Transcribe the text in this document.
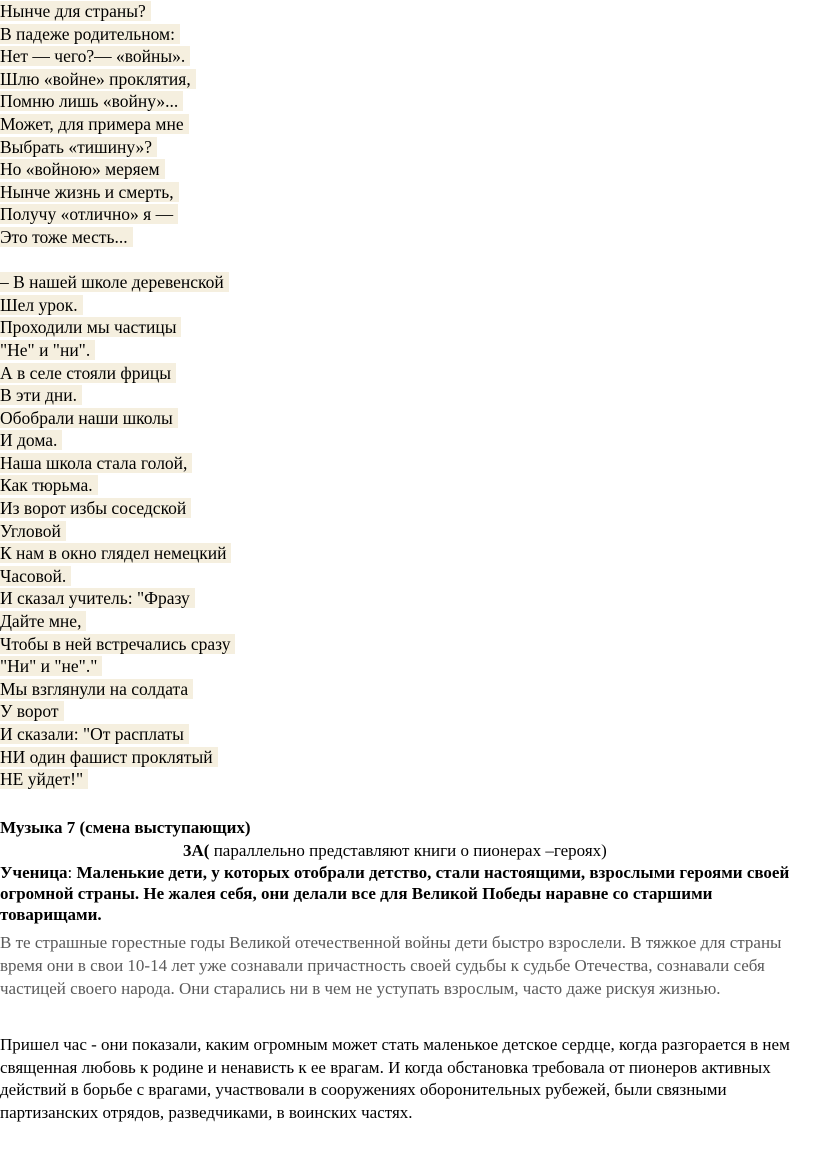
Нынче для страны?
В падеже родительном:
Нет — чего?— «войны».
Шлю «войне» проклятия,
Помню лишь «войну»...
Может, для примера мне
Выбрать «тишину»?
Но «войною» меряем
Нынче жизнь и смерть,
Получу «отлично» я —
Это тоже месть...
– В нашей школе деревенской
Шел урок.
Проходили мы частицы
"Не" и "ни".
А в селе стояли фрицы
В эти дни.
Обобрали наши школы
И дома.
Наша школа стала голой,
Как тюрьма.
Из ворот избы соседской
Угловой
К нам в окно глядел немецкий
Часовой.
И сказал учитель: "Фразу
Дайте мне,
Чтобы в ней встречались сразу
"Ни" и "не"."
Мы взглянули на солдата
У ворот
И сказали: "От расплаты
НИ один фашист проклятый
НЕ уйдет!"

Музыка 7 (смена выступающих)

3А( параллельно представляют книги о пионерах –героях)

Ученица: Маленькие дети, у которых отобрали детство, стали настоящими, взрослыми героями своей огромной страны. Не жалея себя, они делали все для Великой Победы наравне со старшими товарищами.

В те страшные горестные годы Великой отечественной войны дети быстро взрослели. В тяжкое для страны время они в свои 10-14 лет уже сознавали причастность своей судьбы к судьбе Отечества, сознавали себя частицей своего народа. Они старались ни в чем не уступать взрослым, часто даже рискуя жизнью.

Пришел час - они показали, каким огромным может стать маленькое детское сердце, когда разгорается в нем священная любовь к родине и ненависть к ее врагам. И когда обстановка требовала от пионеров активных действий в борьбе с врагами, участвовали в сооружениях оборонительных рубежей, были связными партизанских отрядов, разведчиками, в воинских частях.
